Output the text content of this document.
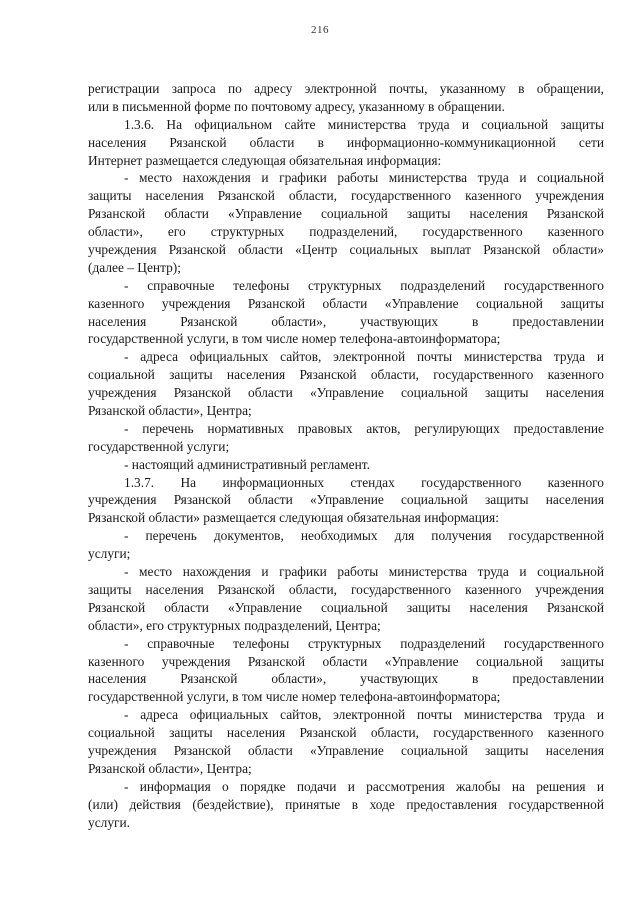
216
регистрации запроса по адресу электронной почты, указанному в обращении,
или в письменной форме по почтовому адресу, указанному в обращении.
1.3.6. На официальном сайте министерства труда и социальной защиты
населения Рязанской области в информационно-коммуникационной сети
Интернет размещается следующая обязательная информация:
- место нахождения и графики работы министерства труда и социальной
защиты населения Рязанской области, государственного казенного учреждения
Рязанской области «Управление социальной защиты населения Рязанской
области», его структурных подразделений, государственного казенного
учреждения Рязанской области «Центр социальных выплат Рязанской области»
(далее – Центр);
- справочные телефоны структурных подразделений государственного
казенного учреждения Рязанской области «Управление социальной защиты
населения Рязанской области», участвующих в предоставлении
государственной услуги, в том числе номер телефона-автоинформатора;
- адреса официальных сайтов, электронной почты министерства труда и
социальной защиты населения Рязанской области, государственного казенного
учреждения Рязанской области «Управление социальной защиты населения
Рязанской области», Центра;
- перечень нормативных правовых актов, регулирующих предоставление
государственной услуги;
- настоящий административный регламент.
1.3.7. На информационных стендах государственного казенного
учреждения Рязанской области «Управление социальной защиты населения
Рязанской области» размещается следующая обязательная информация:
- перечень документов, необходимых для получения государственной
услуги;
- место нахождения и графики работы министерства труда и социальной
защиты населения Рязанской области, государственного казенного учреждения
Рязанской области «Управление социальной защиты населения Рязанской
области», его структурных подразделений, Центра;
- справочные телефоны структурных подразделений государственного
казенного учреждения Рязанской области «Управление социальной защиты
населения Рязанской области», участвующих в предоставлении
государственной услуги, в том числе номер телефона-автоинформатора;
- адреса официальных сайтов, электронной почты министерства труда и
социальной защиты населения Рязанской области, государственного казенного
учреждения Рязанской области «Управление социальной защиты населения
Рязанской области», Центра;
- информация о порядке подачи и рассмотрения жалобы на решения и
(или) действия (бездействие), принятые в ходе предоставления государственной
услуги.
